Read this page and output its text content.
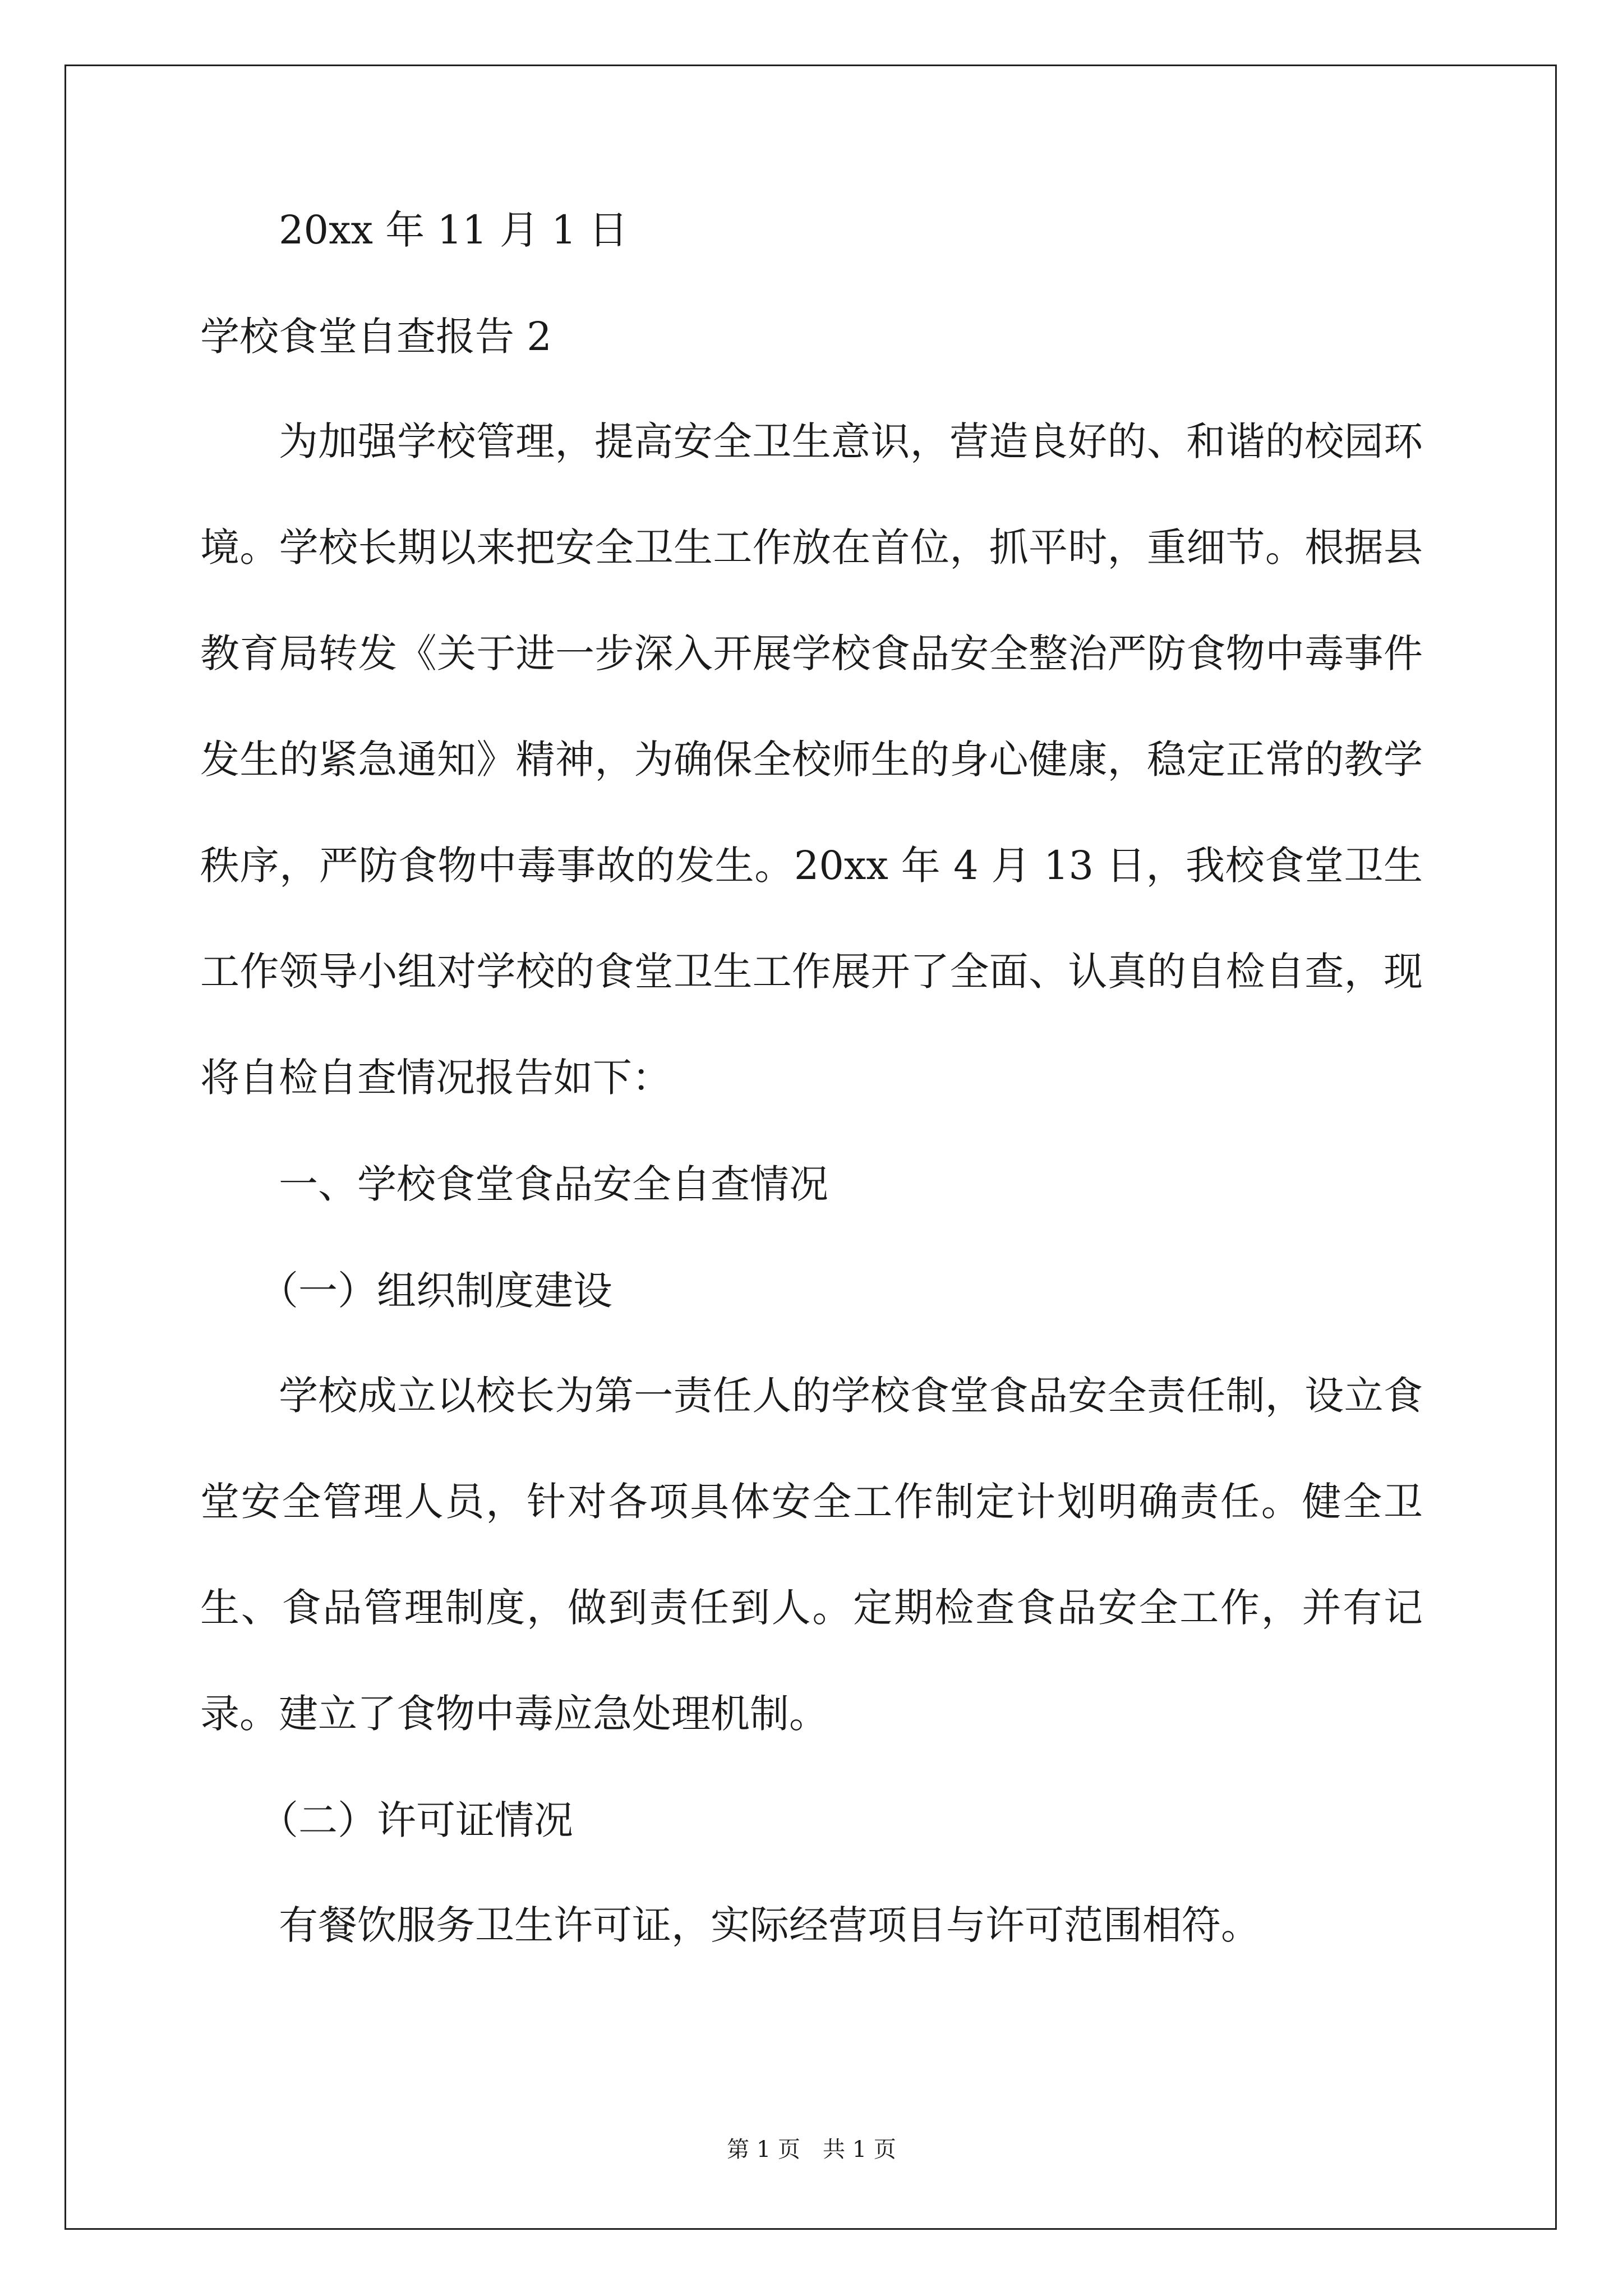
20xx 年 11 月 1 日
学校食堂自查报告 2

为加强学校管理，提高安全卫生意识，营造良好的、和谐的校园环境。学校长期以来把安全卫生工作放在首位，抓平时，重细节。根据县教育局转发《关于进一步深入开展学校食品安全整治严防食物中毒事件发生的紧急通知》精神，为确保全校师生的身心健康，稳定正常的教学秩序，严防食物中毒事故的发生。20xx 年 4 月 13 日，我校食堂卫生工作领导小组对学校的食堂卫生工作展开了全面、认真的自检自查，现将自检自查情况报告如下：

一、学校食堂食品安全自查情况
（一）组织制度建设

学校成立以校长为第一责任人的学校食堂食品安全责任制，设立食堂安全管理人员，针对各项具体安全工作制定计划明确责任。健全卫生、食品管理制度，做到责任到人。定期检查食品安全工作，并有记录。建立了食物中毒应急处理机制。

（二）许可证情况

有餐饮服务卫生许可证，实际经营项目与许可范围相符。

第 1 页　共 1 页
